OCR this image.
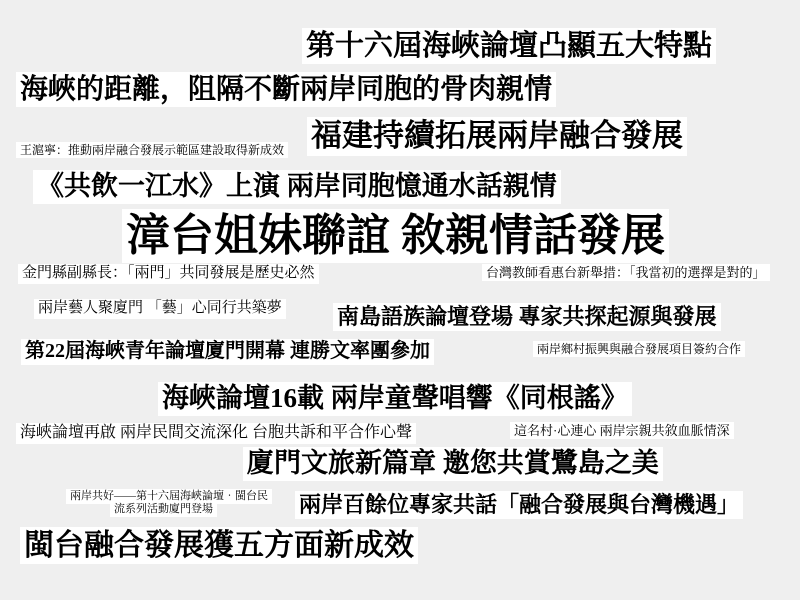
第十六屆海峽論壇凸顯五大特點
海峽的距離，阻隔不斷兩岸同胞的骨肉親情
王滬寧：推動兩岸融合發展示範區建設取得新成效 福建持續拓展兩岸融合發展
《共飲一江水》上演 兩岸同胞憶通水話親情
漳台姐妹聯誼 敘親情話發展
金門縣副縣長：「兩門」共同發展是歷史必然	台灣教師看惠台新舉措：「我當初的選擇是對的」
兩岸藝人聚廈門 「藝」心同行共築夢	南島語族論壇登場 專家共探起源與發展
第22屆海峽青年論壇廈門開幕 連勝文率團參加	兩岸鄉村振興與融合發展項目簽約合作
海峽論壇16載 兩岸童聲唱響《同根謠》
海峽論壇再啟 兩岸民間交流深化 台胞共訴和平合作心聲	這名村·心連心 兩岸宗親共敘血脈情深
廈門文旅新篇章 邀您共賞鷺島之美
兩岸共好——第十六屆海峽論壇‧閩台民
流系列活動廈門登場	兩岸百餘位專家共話「融合發展與台灣機遇」
閩台融合發展獲五方面新成效
